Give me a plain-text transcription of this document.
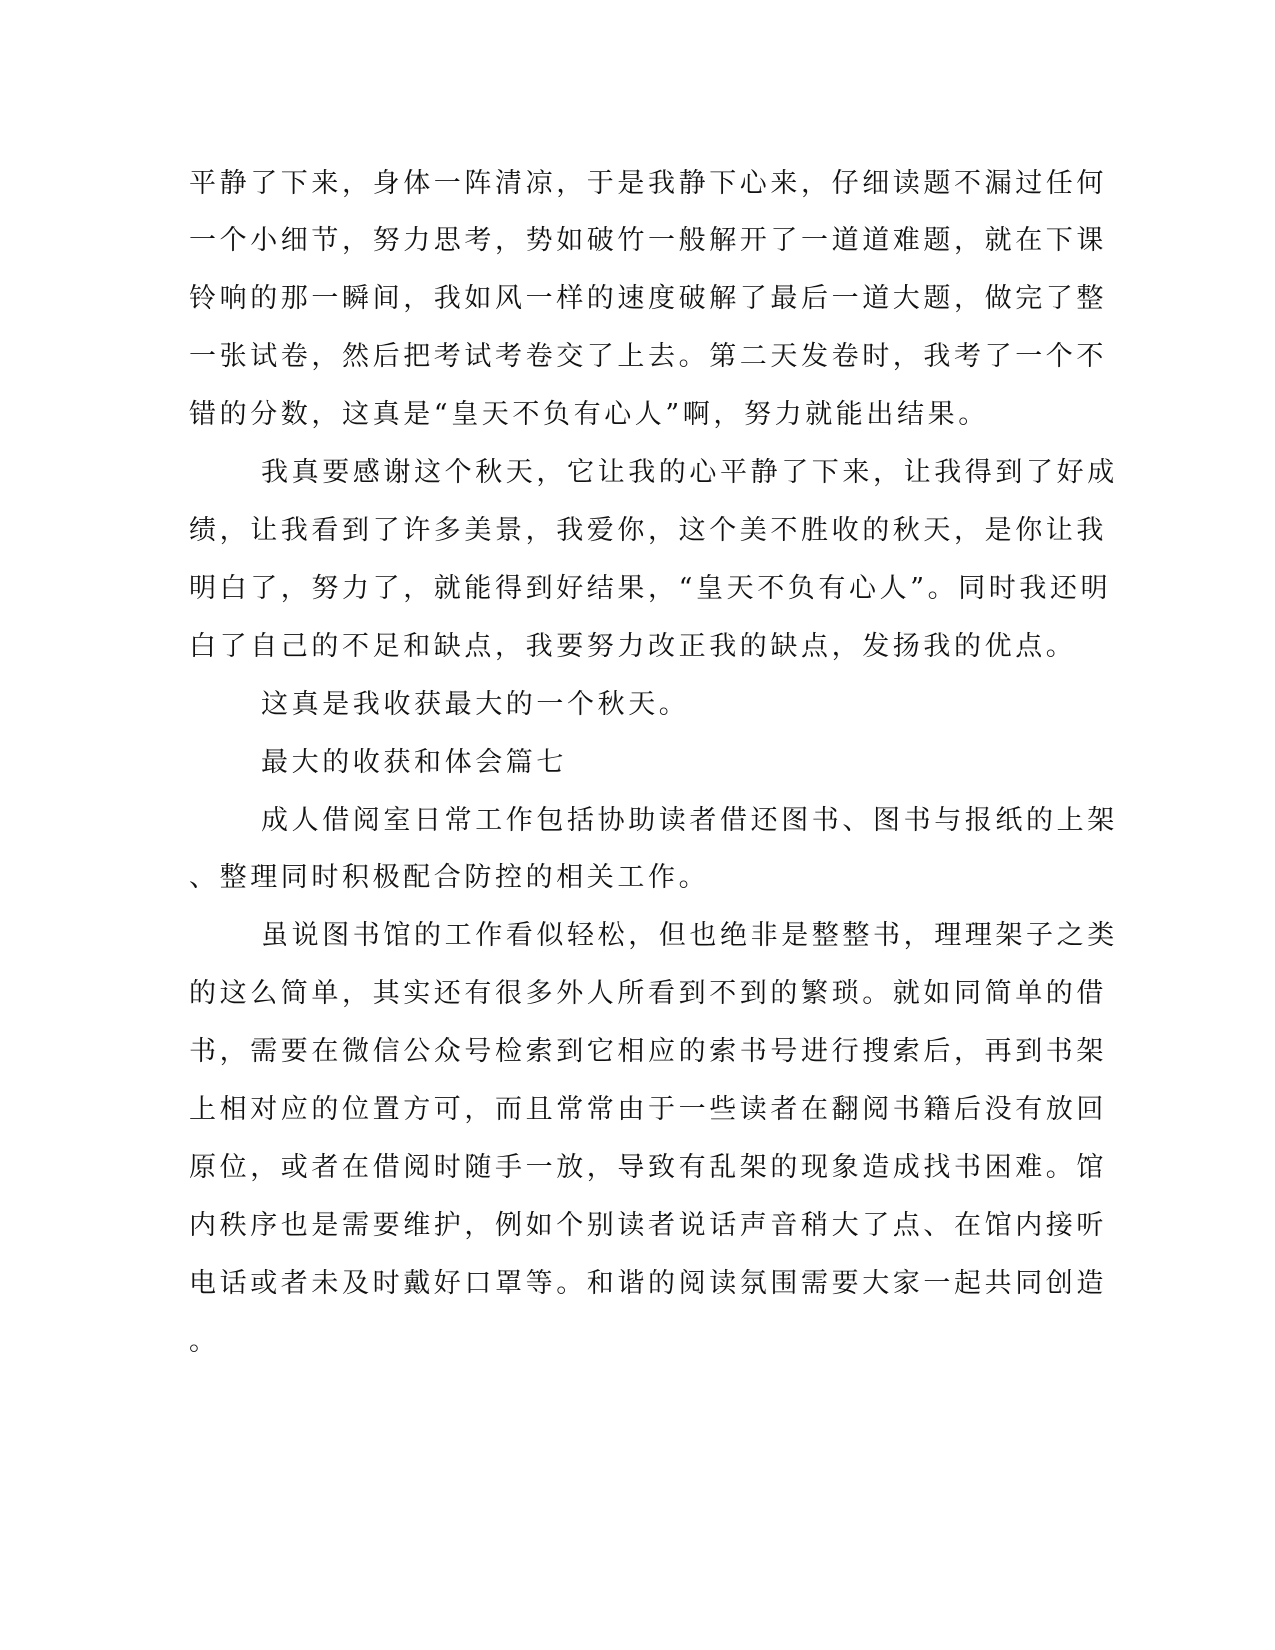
平静了下来，身体一阵清凉，于是我静下心来，仔细读题不漏过任何
一个小细节，努力思考，势如破竹一般解开了一道道难题，就在下课
铃响的那一瞬间，我如风一样的速度破解了最后一道大题，做完了整
一张试卷，然后把考试考卷交了上去。第二天发卷时，我考了一个不
错的分数，这真是“皇天不负有心人”啊，努力就能出结果。
我真要感谢这个秋天，它让我的心平静了下来，让我得到了好成
绩，让我看到了许多美景，我爱你，这个美不胜收的秋天，是你让我
明白了，努力了，就能得到好结果，“皇天不负有心人”。同时我还明
白了自己的不足和缺点，我要努力改正我的缺点，发扬我的优点。
这真是我收获最大的一个秋天。
最大的收获和体会篇七
成人借阅室日常工作包括协助读者借还图书、图书与报纸的上架
、整理同时积极配合防控的相关工作。
虽说图书馆的工作看似轻松，但也绝非是整整书，理理架子之类
的这么简单，其实还有很多外人所看到不到的繁琐。就如同简单的借
书，需要在微信公众号检索到它相应的索书号进行搜索后，再到书架
上相对应的位置方可，而且常常由于一些读者在翻阅书籍后没有放回
原位，或者在借阅时随手一放，导致有乱架的现象造成找书困难。馆
内秩序也是需要维护，例如个别读者说话声音稍大了点、在馆内接听
电话或者未及时戴好口罩等。和谐的阅读氛围需要大家一起共同创造
。
